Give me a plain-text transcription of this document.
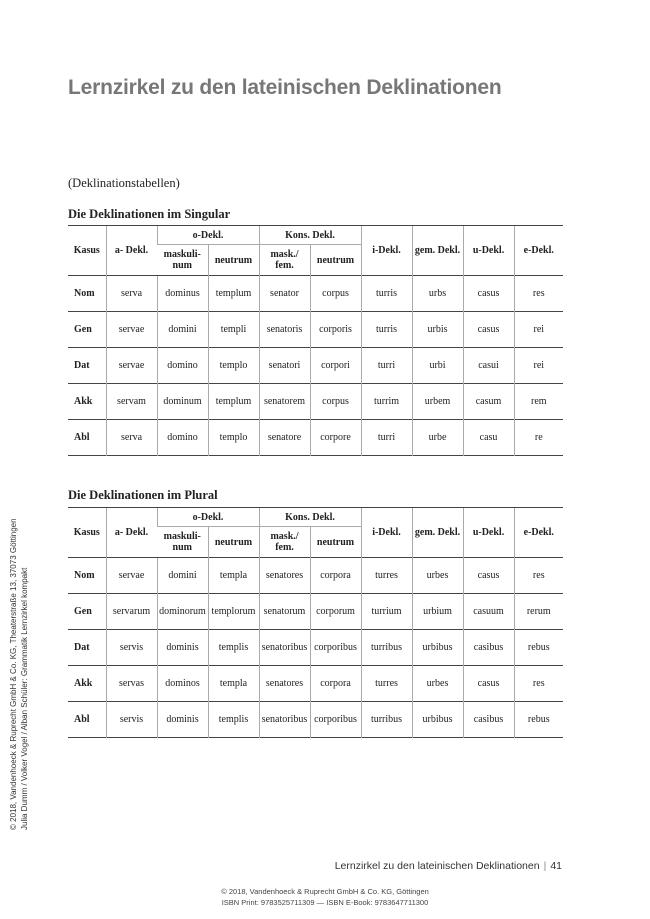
Lernzirkel zu den lateinischen Deklinationen
(Deklinationstabellen)
Die Deklinationen im Singular
Kasus	a- Dekl.	o-Dekl.		Kons. Dekl.		i-Dekl.	gem. Dekl.	u-Dekl.	e-Dekl.
		maskuli-num	neutrum	mask./ fem.	neutrum				
Nom	serva	dominus	templum	senator	corpus	turris	urbs	casus	res
Gen	servae	domini	templi	senatoris	corporis	turris	urbis	casus	rei
Dat	servae	domino	templo	senatori	corpori	turri	urbi	casui	rei
Akk	servam	dominum	templum	senatorem	corpus	turrim	urbem	casum	rem
Abl	serva	domino	templo	senatore	corpore	turri	urbe	casu	re
Die Deklinationen im Plural
Kasus	a- Dekl.	o-Dekl.		Kons. Dekl.		i-Dekl.	gem. Dekl.	u-Dekl.	e-Dekl.
		maskuli-num	neutrum	mask./ fem.	neutrum				
Nom	servae	domini	templa	senatores	corpora	turres	urbes	casus	res
Gen	servarum	dominorum	templorum	senatorum	corporum	turrium	urbium	casuum	rerum
Dat	servis	dominis	templis	senatoribus	corporibus	turribus	urbibus	casibus	rebus
Akk	servas	dominos	templa	senatores	corpora	turres	urbes	casus	res
Abl	servis	dominis	templis	senatoribus	corporibus	turribus	urbibus	casibus	rebus
© 2018, Vandenhoeck & Ruprecht GmbH & Co. KG, Theaterstraße 13, 37073 Göttingen Julia Dumm / Volker Vogel / Alban Schüler: Grammatik Lernzirkel kompakt
Lernzirkel zu den lateinischen Deklinationen | 41
© 2018, Vandenhoeck & Ruprecht GmbH & Co. KG, Göttingen
ISBN Print: 9783525711309 — ISBN E-Book: 9783647711300
